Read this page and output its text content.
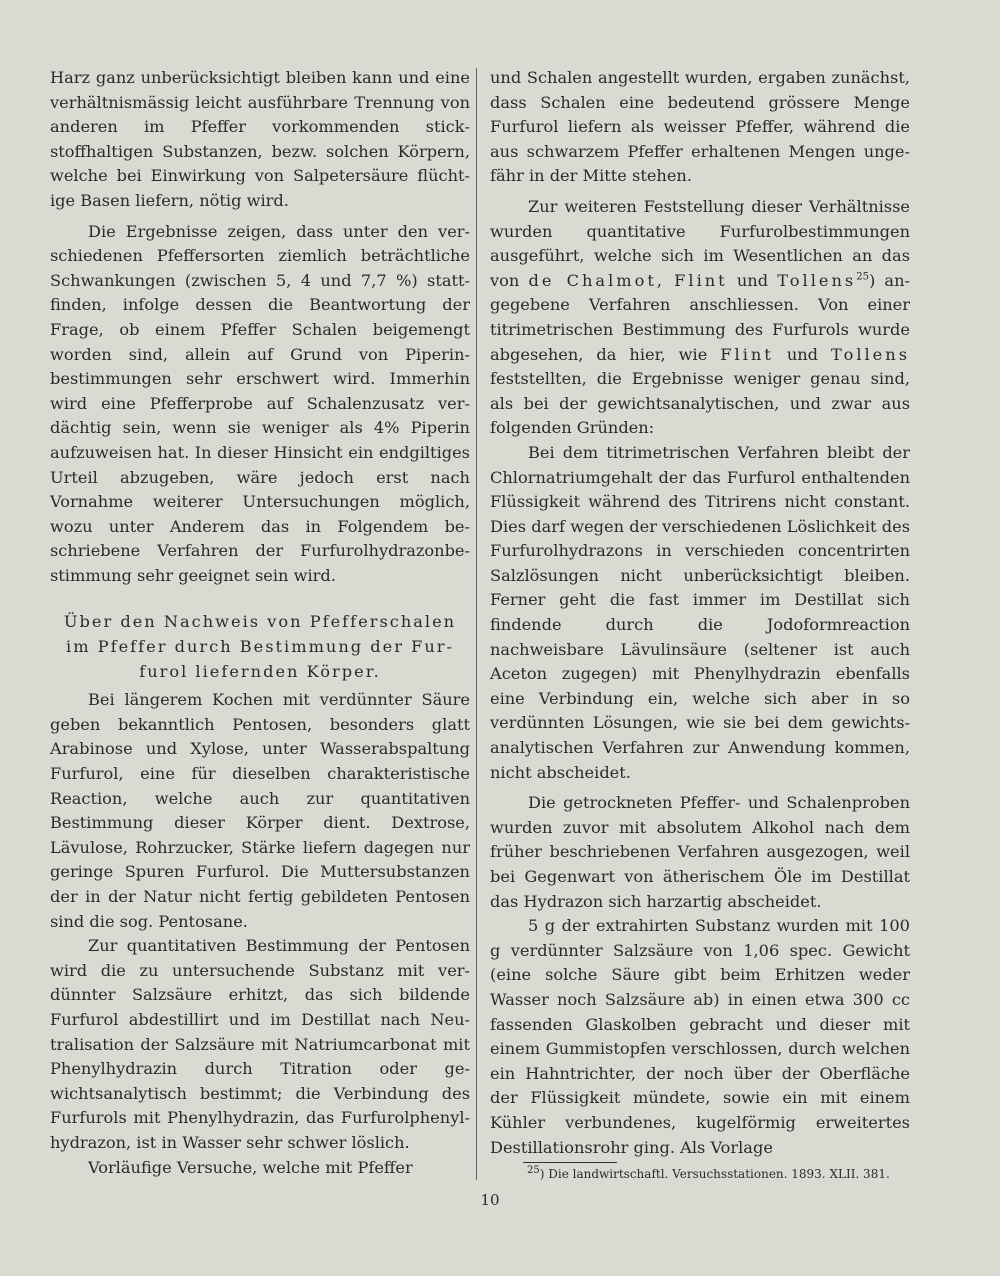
Harz ganz unberücksichtigt bleiben kann und eine verhältnismässig leicht ausführbare Trennung von anderen im Pfeffer vorkommenden stickstoffhaltigen Substanzen, bezw. solchen Körpern, welche bei Einwirkung von Salpetersäure flüchtige Basen liefern, nötig wird.

Die Ergebnisse zeigen, dass unter den verschiedenen Pfeffersorten ziemlich beträchtliche Schwankungen (zwischen 5, 4 und 7,7 %) stattfinden, infolge dessen die Beantwortung der Frage, ob einem Pfeffer Schalen beigemengt worden sind, allein auf Grund von Piperinbestimmungen sehr erschwert wird. Immerhin wird eine Pfefferprobe auf Schalenzusatz verdächtig sein, wenn sie weniger als 4% Piperin aufzuweisen hat. In dieser Hinsicht ein endgiltiges Urteil abzugeben, wäre jedoch erst nach Vornahme weiterer Untersuchungen möglich, wozu unter Anderem das in Folgendem beschriebene Verfahren der Furfurolhydrazonbestimmung sehr geeignet sein wird.

Über den Nachweis von Pfefferschalen
im Pfeffer durch Bestimmung der Fur-
furol liefernden Körper.

Bei längerem Kochen mit verdünnter Säure geben bekanntlich Pentosen, besonders glatt Arabinose und Xylose, unter Wasserabspaltung Furfurol, eine für dieselben charakteristische Reaction, welche auch zur quantitativen Bestimmung dieser Körper dient. Dextrose, Lävulose, Rohrzucker, Stärke liefern dagegen nur geringe Spuren Furfurol. Die Muttersubstanzen der in der Natur nicht fertig gebildeten Pentosen sind die sog. Pentosane.

Zur quantitativen Bestimmung der Pentosen wird die zu untersuchende Substanz mit verdünnter Salzsäure erhitzt, das sich bildende Furfurol abdestillirt und im Destillat nach Neutralisation der Salzsäure mit Natriumcarbonat mit Phenylhydrazin durch Titration oder gewichtsanalytisch bestimmt; die Verbindung des Furfurols mit Phenylhydrazin, das Furfurolphenylhydrazon, ist in Wasser sehr schwer löslich.

Vorläufige Versuche, welche mit Pfeffer

und Schalen angestellt wurden, ergaben zunächst, dass Schalen eine bedeutend grössere Menge Furfurol liefern als weisser Pfeffer, während die aus schwarzem Pfeffer erhaltenen Mengen ungefähr in der Mitte stehen.

Zur weiteren Feststellung dieser Verhältnisse wurden quantitative Furfurolbestimmungen ausgeführt, welche sich im Wesentlichen an das von de Chalmot, Flint und Tollens$^{25}$) angegebene Verfahren anschliessen. Von einer titrimetrischen Bestimmung des Furfurols wurde abgesehen, da hier, wie Flint und Tollens feststellten, die Ergebnisse weniger genau sind, als bei der gewichtsanalytischen, und zwar aus folgenden Gründen:

Bei dem titrimetrischen Verfahren bleibt der Chlornatriumgehalt der das Furfurol enthaltenden Flüssigkeit während des Titrirens nicht constant. Dies darf wegen der verschiedenen Löslichkeit des Furfurolhydrazons in verschieden concentrirten Salzlösungen nicht unberücksichtigt bleiben. Ferner geht die fast immer im Destillat sich findende durch die Jodoformreaction nachweisbare Lävulinsäure (seltener ist auch Aceton zugegen) mit Phenylhydrazin ebenfalls eine Verbindung ein, welche sich aber in so verdünnten Lösungen, wie sie bei dem gewichtsanalytischen Verfahren zur Anwendung kommen, nicht abscheidet.

Die getrockneten Pfeffer- und Schalenproben wurden zuvor mit absolutem Alkohol nach dem früher beschriebenen Verfahren ausgezogen, weil bei Gegenwart von ätherischem Öle im Destillat das Hydrazon sich harzartig abscheidet.

5 g der extrahirten Substanz wurden mit 100 g verdünnter Salzsäure von 1,06 spec. Gewicht (eine solche Säure gibt beim Erhitzen weder Wasser noch Salzsäure ab) in einen etwa 300 cc fassenden Glaskolben gebracht und dieser mit einem Gummistopfen verschlossen, durch welchen ein Hahntrichter, der noch über der Oberfläche der Flüssigkeit mündete, sowie ein mit einem Kühler verbundenes, kugelförmig erweitertes Destillationsrohr ging. Als Vorlage

$^{25}$) Die landwirtschaftl. Versuchsstationen. 1893. XLII. 381.
10
